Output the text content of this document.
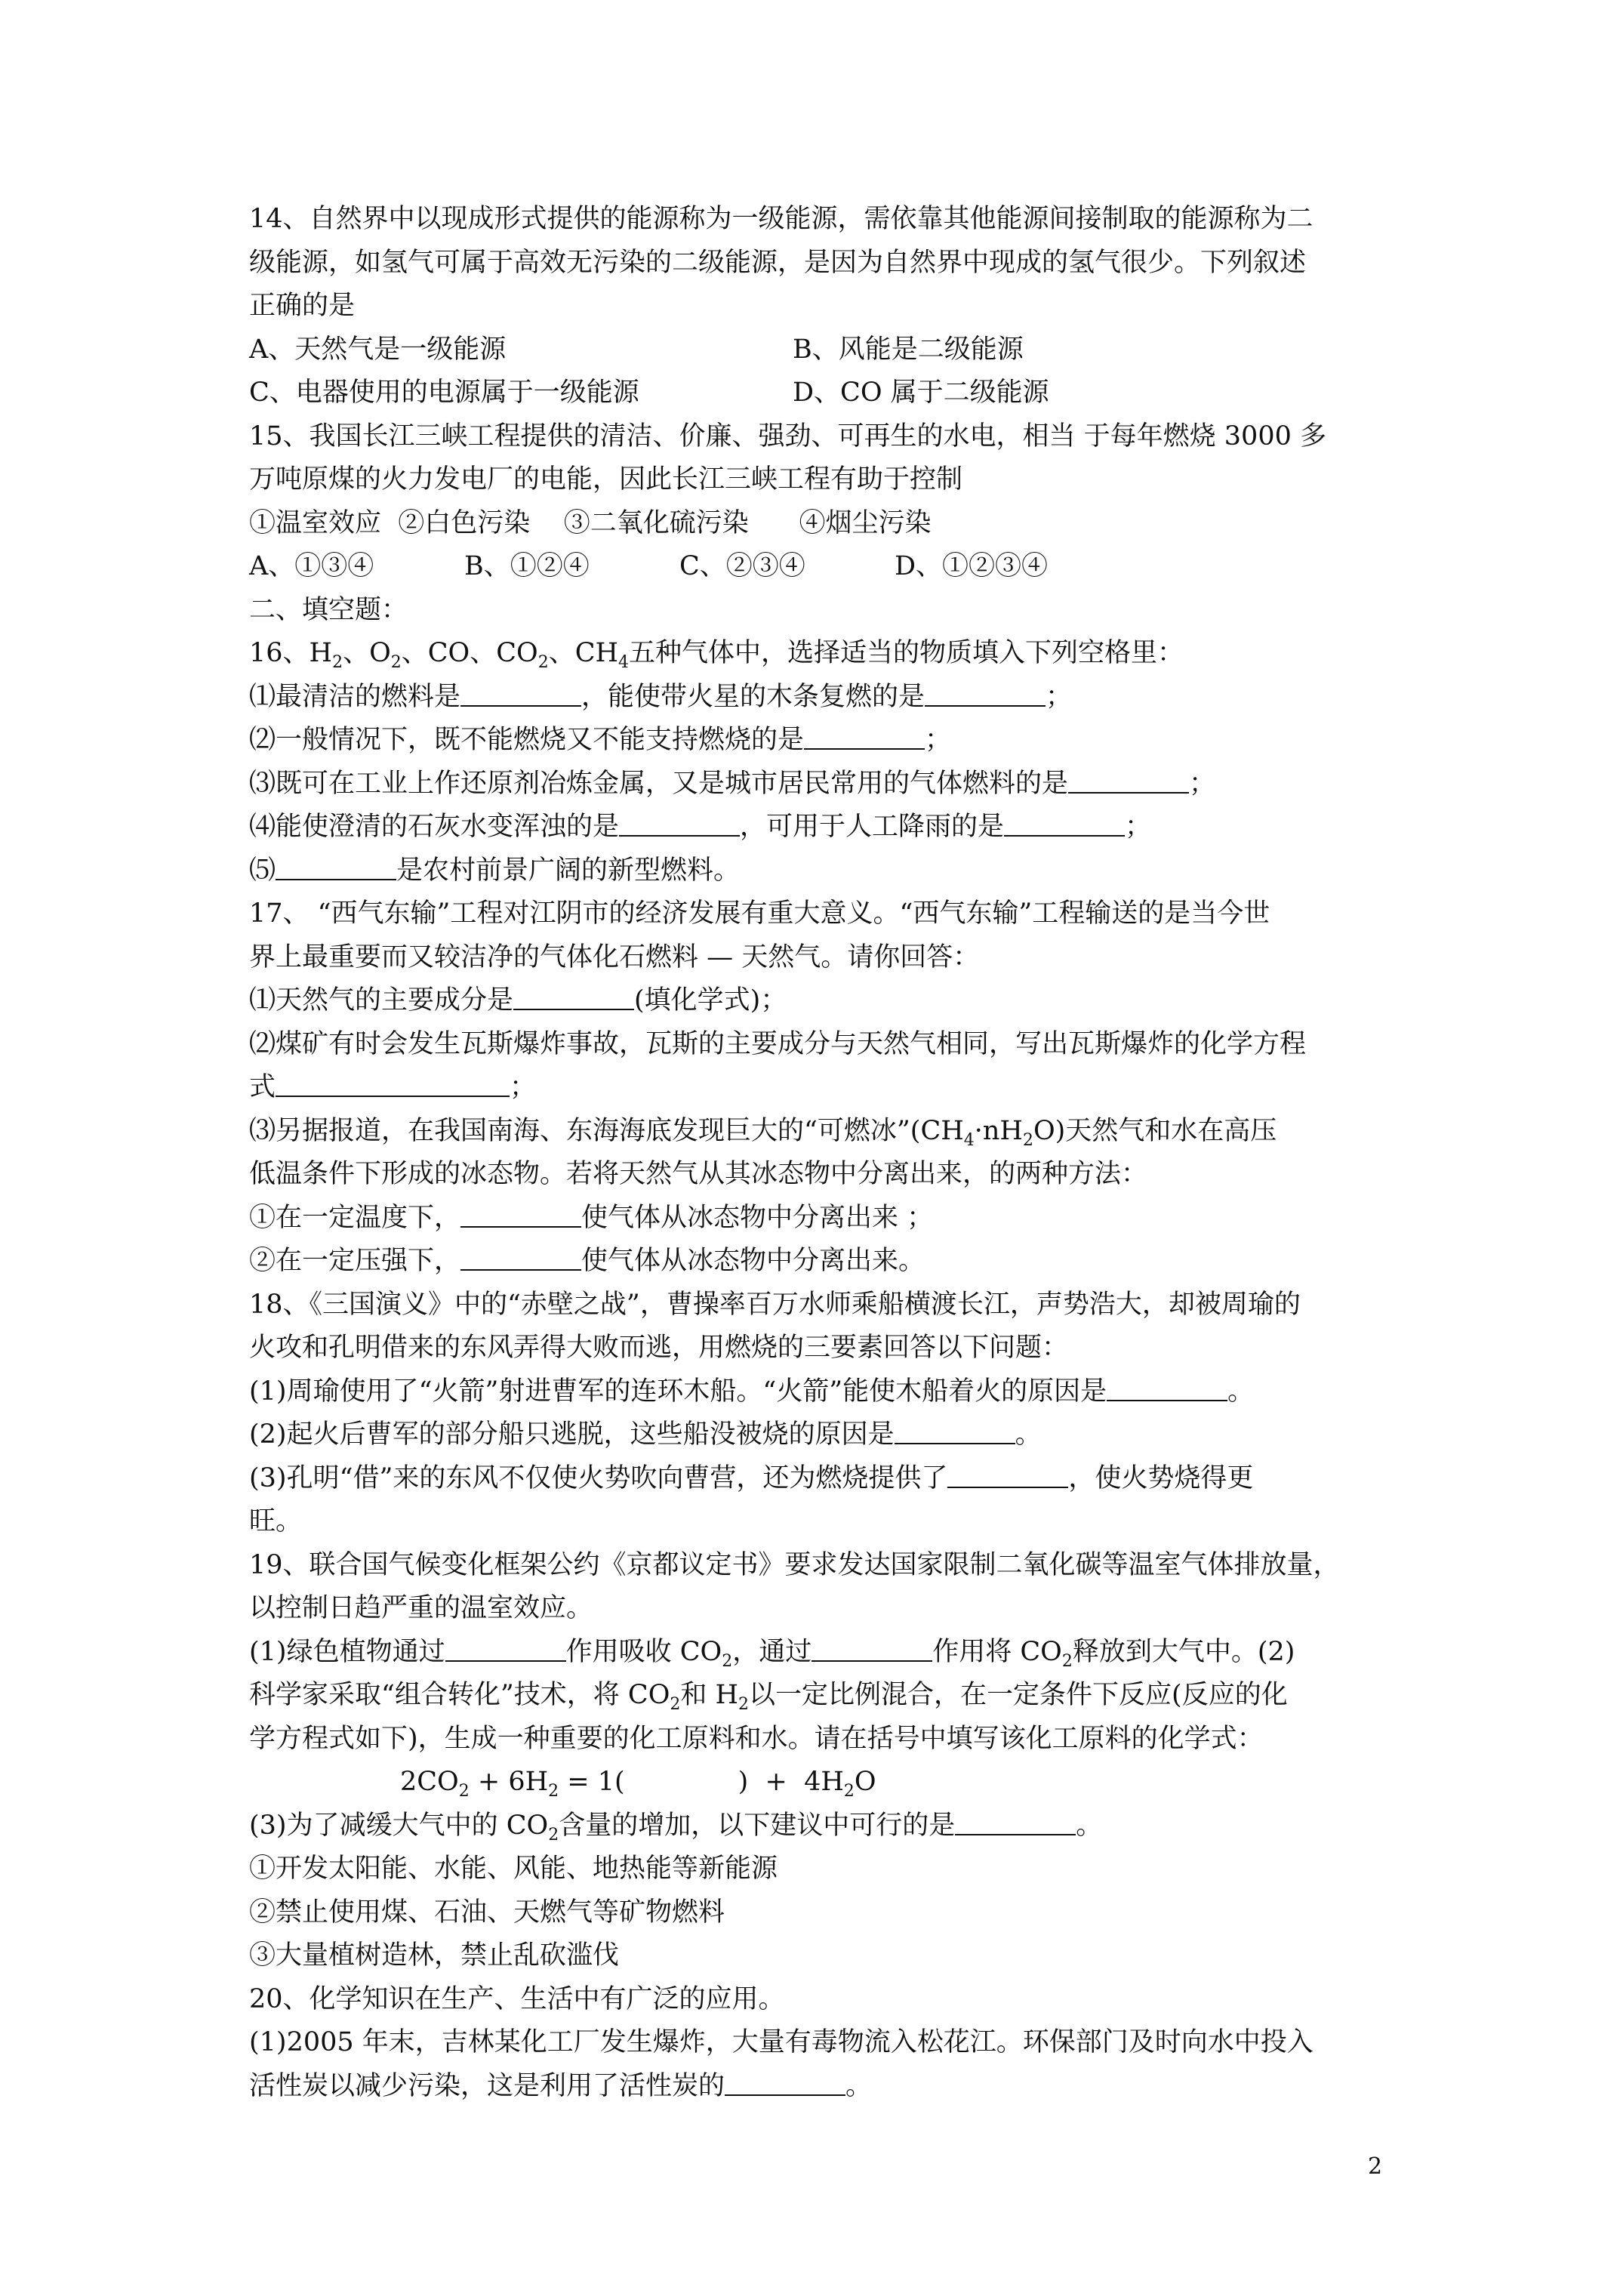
14、自然界中以现成形式提供的能源称为一级能源，需依靠其他能源间接制取的能源称为二
级能源，如氢气可属于高效无污染的二级能源，是因为自然界中现成的氢气很少。下列叙述
正确的是
A、天然气是一级能源	B、风能是二级能源
C、电器使用的电源属于一级能源	D、CO 属于二级能源
15、我国长江三峡工程提供的清洁、价廉、强劲、可再生的水电，相当 于每年燃烧 3000 多
万吨原煤的火力发电厂的电能，因此长江三峡工程有助于控制
①温室效应  ②白色污染    ③二氧化硫污染      ④烟尘污染
A、①③④	B、①②④	C、②③④	D、①②③④
二、填空题：
16、$H_2$、$O_2$、CO、$CO_2$、$CH_4$五种气体中，选择适当的物质填入下列空格里：
⑴最清洁的燃料是	，能使带火星的木条复燃的是	；
⑵一般情况下，既不能燃烧又不能支持燃烧的是	；
⑶既可在工业上作还原剂冶炼金属，又是城市居民常用的气体燃料的是	；
⑷能使澄清的石灰水变浑浊的是	，可用于人工降雨的是	；
⑸	是农村前景广阔的新型燃料。
17、 “西气东输”工程对江阴市的经济发展有重大意义。“西气东输”工程输送的是当今世
界上最重要而又较洁净的气体化石燃料 — 天然气。请你回答：
⑴天然气的主要成分是	(填化学式)；
⑵煤矿有时会发生瓦斯爆炸事故，瓦斯的主要成分与天然气相同，写出瓦斯爆炸的化学方程
式	；
⑶另据报道，在我国南海、东海海底发现巨大的“可燃冰$”(CH_4\cdot nH_2O)$天然气和水在高压
低温条件下形成的冰态物。若将天然气从其冰态物中分离出来，的两种方法：
①在一定温度下，	使气体从冰态物中分离出来 ；
②在一定压强下，	使气体从冰态物中分离出来。
18、《三国演义》中的“赤壁之战”，曹操率百万水师乘船横渡长江，声势浩大，却被周瑜的
火攻和孔明借来的东风弄得大败而逃，用燃烧的三要素回答以下问题：
(1)周瑜使用了“火箭”射进曹军的连环木船。“火箭”能使木船着火的原因是	。
(2)起火后曹军的部分船只逃脱，这些船没被烧的原因是	。
(3)孔明“借”来的东风不仅使火势吹向曹营，还为燃烧提供了	，使火势烧得更
旺。
19、联合国气候变化框架公约《京都议定书》要求发达国家限制二氧化碳等温室气体排放量，
以控制日趋严重的温室效应。
(1)绿色植物通过	作用吸收 $CO_2$，通过	作用将 $CO_2$释放到大气中。(2)
科学家采取“组合转化”技术，将 $CO_2$和 $H_2$以一定比例混合，在一定条件下反应(反应的化
学方程式如下)，生成一种重要的化工原料和水。请在括号中填写该化工原料的化学式：
$2CO_2 + 6H_2 = 1$(	)  +  $4H_2O$
(3)为了减缓大气中的 $CO_2$含量的增加，以下建议中可行的是	。
①开发太阳能、水能、风能、地热能等新能源
②禁止使用煤、石油、天燃气等矿物燃料
③大量植树造林，禁止乱砍滥伐
20、化学知识在生产、生活中有广泛的应用。
(1)2005 年末，吉林某化工厂发生爆炸，大量有毒物流入松花江。环保部门及时向水中投入
活性炭以减少污染，这是利用了活性炭的	。
2
